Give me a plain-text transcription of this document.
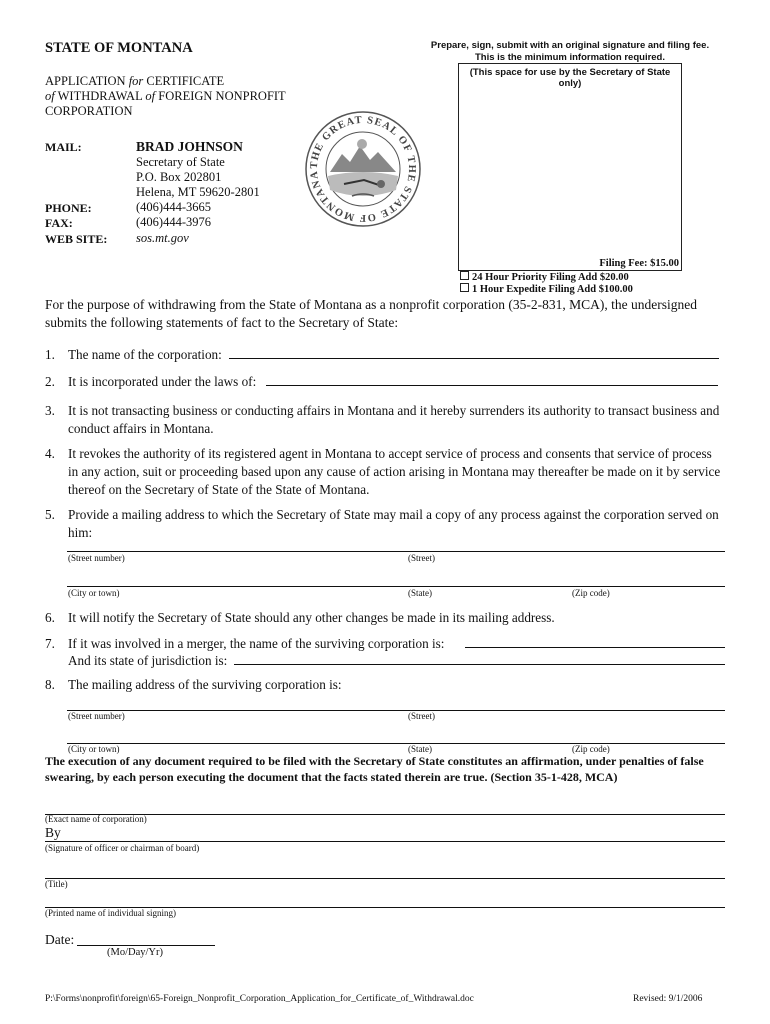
STATE OF MONTANA
APPLICATION for CERTIFICATE
of WITHDRAWAL of FOREIGN NONPROFIT
CORPORATION
MAIL:	BRAD JOHNSON
Secretary of State
P.O. Box 202801
Helena, MT 59620-2801
PHONE:	(406)444-3665
FAX:	(406)444-3976
WEB SITE: sos.mt.gov
THE GREAT SEAL OF THE STATE OF MONTANA
Prepare, sign, submit with an original signature and filing fee.
This is the minimum information required.
(This space for use by the Secretary of State only)
Filing Fee: $15.00
24 Hour Priority Filing Add $20.00
1 Hour Expedite Filing Add $100.00
For the purpose of withdrawing from the State of Montana as a nonprofit corporation (35-2-831, MCA), the undersigned submits the following statements of fact to the Secretary of State:
1. The name of the corporation:
2. It is incorporated under the laws of:
3. It is not transacting business or conducting affairs in Montana and it hereby surrenders its authority to transact business and conduct affairs in Montana.
4. It revokes the authority of its registered agent in Montana to accept service of process and consents that service of process in any action, suit or proceeding based upon any cause of action arising in Montana may thereafter be made on it by service thereof on the Secretary of State of the State of Montana.
5. Provide a mailing address to which the Secretary of State may mail a copy of any process against the corporation served on him:
(Street number)	(Street)
(City or town)	(State)	(Zip code)
6. It will notify the Secretary of State should any other changes be made in its mailing address.
7. If it was involved in a merger, the name of the surviving corporation is:
And its state of jurisdiction is:
8. The mailing address of the surviving corporation is:
(Street number)	(Street)
(City or town)	(State)	(Zip code)
The execution of any document required to be filed with the Secretary of State constitutes an affirmation, under penalties of false swearing, by each person executing the document that the facts stated therein are true. (Section 35-1-428, MCA)
(Exact name of corporation)
By
(Signature of officer or chairman of board)
(Title)
(Printed name of individual signing)
Date:
(Mo/Day/Yr)
P:\Forms\nonprofit\foreign\65-Foreign_Nonprofit_Corporation_Application_for_Certificate_of_Withdrawal.doc	Revised: 9/1/2006
